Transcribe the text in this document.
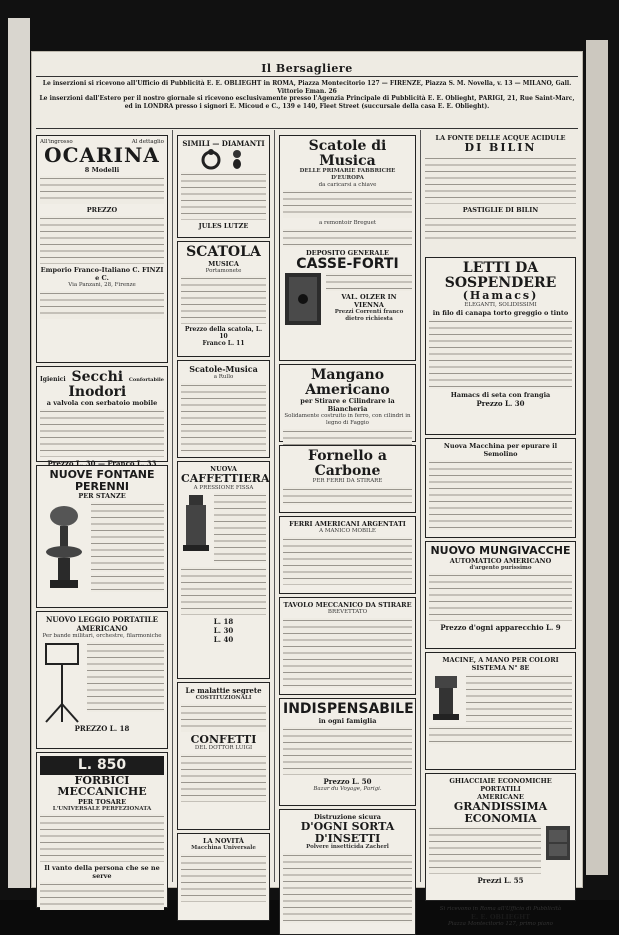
Il Bersagliere
Le inserzioni si ricevono all'Ufficio di Pubblicità E. E. OBLIEGHT in ROMA, Piazza Montecitorio 127 — FIRENZE, Piazza S. M. Novella, v. 13 — MILANO, Gall. Vittorio Eman. 26
Le inserzioni dall'Estero per il nostro giornale si ricevono esclusivamente presso l'Agenzia Principale di Pubblicità E. E. Oblieght, PARIGI, 21, Rue Saint-Marc, ed in LONDRA presso i signori E. Micoud e C., 139 e 140, Fleet Street (succursale della casa E. E. Oblieght).
All'ingrosso	Al dettaglio
OCARINA
8 Modelli
PREZZO
Emporio Franco-Italiano C. FINZI e C.
Via Panzani, 28, Firenze
Igienici Secchi Inodori
Confortabile
a valvola con serbatoio mobile
Prezzo L. 30 — Franco L. 33
NUOVE FONTANE PERENNI
PER STANZE
NUOVO LEGGIO PORTATILE AMERICANO
Per bande militari, orchestre, filarmoniche
PREZZO L. 18
L. 850
FORBICI MECCANICHE
PER TOSARE
L'UNIVERSALE PERFEZIONATA
Il vanto della persona che se ne serve
SIMILI — DIAMANTI
JULES LUTZE
SCATOLA
MUSICA
Portamonete
Prezzo della scatola, L. 10
Franco L. 11
Scatole-Musica
a Rullo
NUOVA
CAFFETTIERA
A PRESSIONE FISSA
L. 18
L. 30
L. 40
Le malattie segrete
COSTITUZIONALI
CONFETTI
DEL DOTTOR LUIGI
LA NOVITÀ
Macchina Universale
Scatole di Musica
DELLE PRIMARIE FABBRICHE D'EUROPA
da caricarsi a chiave
a remontoir Breguet
DEPOSITO GENERALE
CASSE-FORTI
VAL. OLZER IN VIENNA
Prezzi Correnti franco dietro richiesta
Mangano Americano
per Stirare e Cilindrare la Biancheria
Solidamente costruito in ferro, con cilindri in legno di Faggio
Fornello a Carbone
PER FERRI DA STIRARE
FERRI AMERICANI ARGENTATI
A MANICO MOBILE
TAVOLO MECCANICO DA STIRARE
BREVETTATO
INDISPENSABILE
in ogni famiglia
Prezzo L. 50
Bazar du Voyage, Parigi.
Distruzione sicura
D'OGNI SORTA D'INSETTI
Polvere insetticida Zacherl
LA FONTE DELLE ACQUE ACIDULE
DI BILIN
PASTIGLIE DI BILIN
LETTI DA SOSPENDERE
(Hamacs)
ELEGANTI, SOLIDISSIMI
in filo di canapa torto greggio o tinto
Hamacs di seta con frangia
Prezzo L. 30
Nuova Macchina per epurare il Semolino
NUOVO MUNGIVACCHE
AUTOMATICO AMERICANO
d'argento purissimo
Prezzo d'ogni apparecchio L. 9
MACINE, A MANO PER COLORI
SISTEMA N° 8E
GHIACCIAIE ECONOMICHE PORTATILI
AMERICANE
GRANDISSIMA ECONOMIA
Prezzi L. 55
Si ricevono in Roma all'Ufficio di Pubblicità
E. E. OBLIEGHT
Piazza Montecitorio 127, primo piano
